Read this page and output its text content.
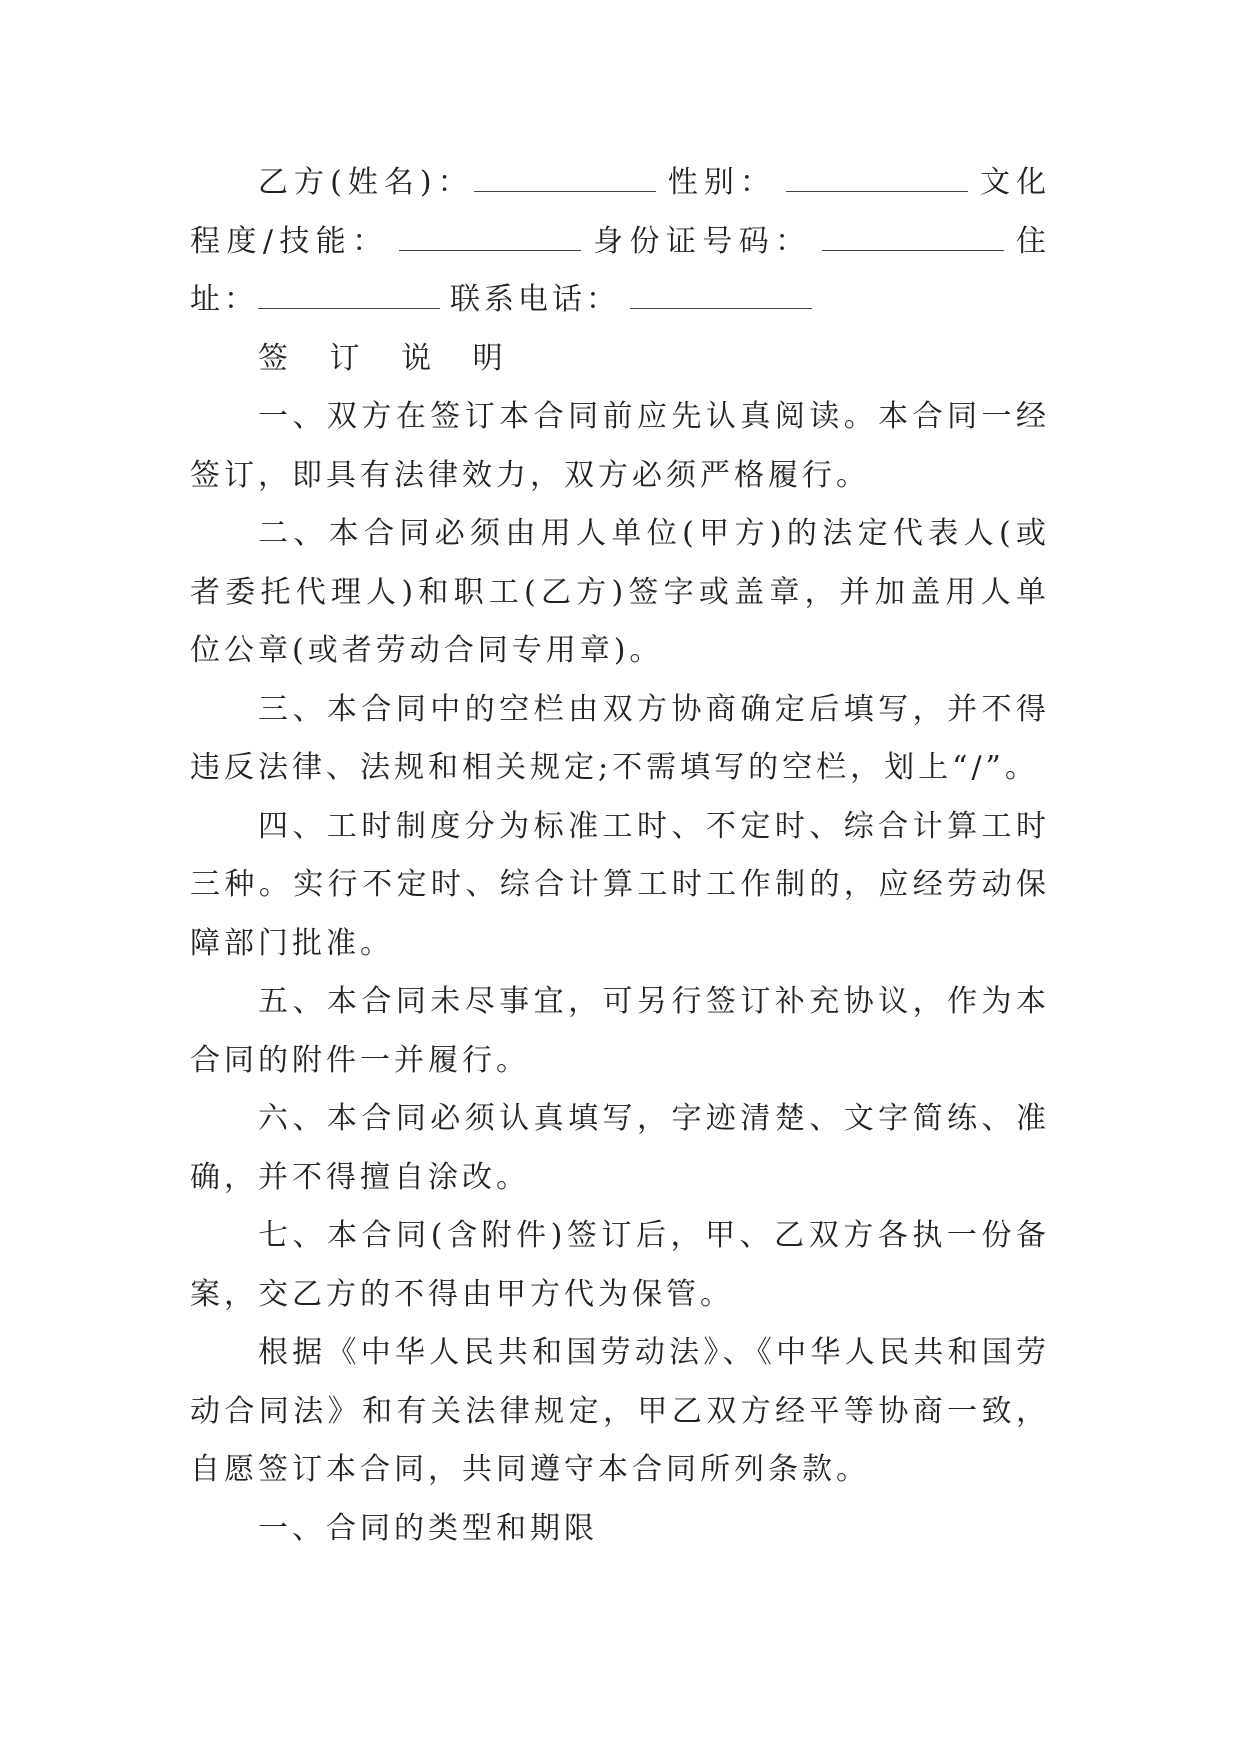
乙方(姓名)：	性别：	文化程度/技能：	身份证号码：	住址：	联系电话：

签 订 说 明

一、双方在签订本合同前应先认真阅读。本合同一经签订，即具有法律效力，双方必须严格履行。

二、本合同必须由用人单位(甲方)的法定代表人(或者委托代理人)和职工(乙方)签字或盖章，并加盖用人单位公章(或者劳动合同专用章)。

三、本合同中的空栏由双方协商确定后填写，并不得违反法律、法规和相关规定;不需填写的空栏，划上“/”。

四、工时制度分为标准工时、不定时、综合计算工时三种。实行不定时、综合计算工时工作制的，应经劳动保障部门批准。

五、本合同未尽事宜，可另行签订补充协议，作为本合同的附件一并履行。

六、本合同必须认真填写，字迹清楚、文字简练、准确，并不得擅自涂改。

七、本合同(含附件)签订后，甲、乙双方各执一份备案，交乙方的不得由甲方代为保管。

根据《中华人民共和国劳动法》、《中华人民共和国劳动合同法》和有关法律规定，甲乙双方经平等协商一致，自愿签订本合同，共同遵守本合同所列条款。

一、合同的类型和期限
